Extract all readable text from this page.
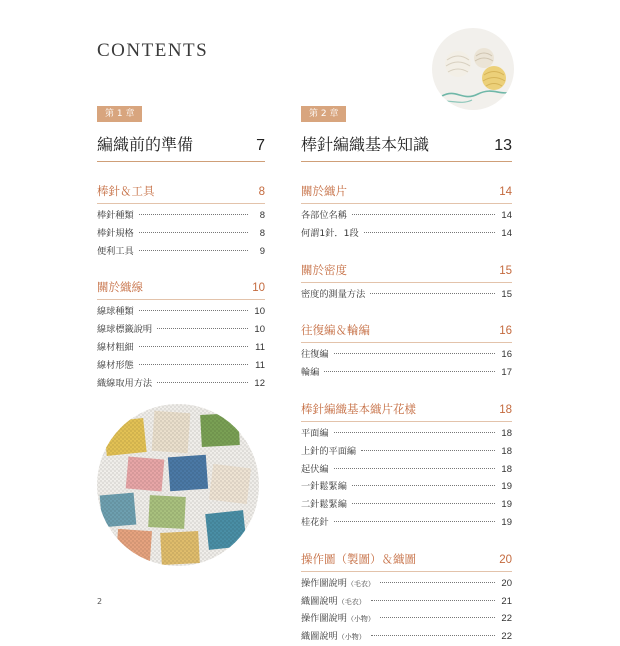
CONTENTS
第 1 章
編織前的準備	7
棒針＆工具	8
棒針種類	8
棒針規格	8
便利工具	9
關於織線	10
線球種類	10
線球標籤說明	10
線材粗細	11
線材形態	11
織線取用方法	12
第 2 章
棒針編織基本知識	13
關於織片	14
各部位名稱	14
何謂1針．1段	14
關於密度	15
密度的測量方法	15
往復編＆輪編	16
往復編	16
輪編	17
棒針編織基本織片花樣	18
平面編	18
上針的平面編	18
起伏編	18
一針鬆緊編	19
二針鬆緊編	19
桂花針	19
操作圖（製圖）＆織圖	20
操作圖說明（毛衣）	20
織圖說明（毛衣）	21
操作圖說明（小物）	22
織圖說明（小物）	22
2
